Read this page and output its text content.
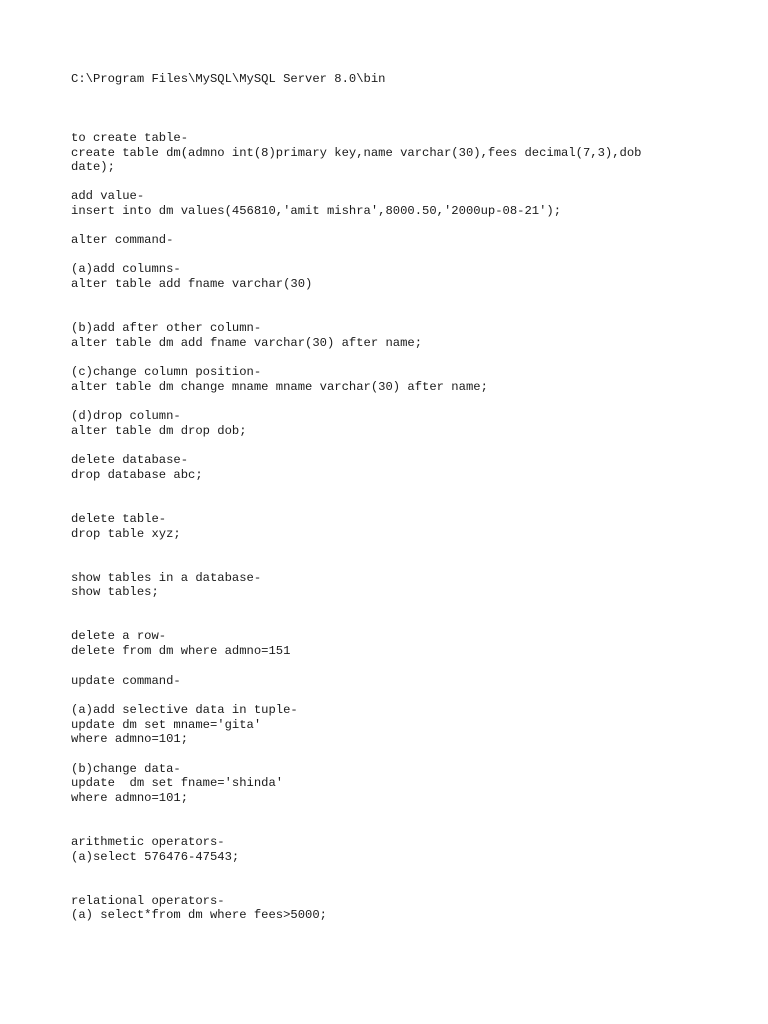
C:\Program Files\MySQL\MySQL Server 8.0\bin

to create table-

create table dm(admno int(8)primary key,name varchar(30),fees decimal(7,3),dob

date);

add value-

insert into dm values(456810,'amit mishra',8000.50,'2000up-08-21');

alter command-

(a)add columns-

alter table add fname varchar(30)

(b)add after other column-

alter table dm add fname varchar(30) after name;

(c)change column position-

alter table dm change mname mname varchar(30) after name;

(d)drop column-

alter table dm drop dob;

delete database-

drop database abc;

delete table-

drop table xyz;

show tables in a database-

show tables;

delete a row-

delete from dm where admno=151

update command-

(a)add selective data in tuple-

update dm set mname='gita'

where admno=101;

(b)change data-

update  dm set fname='shinda'

where admno=101;

arithmetic operators-

(a)select 576476-47543;

relational operators-

(a) select*from dm where fees>5000;
